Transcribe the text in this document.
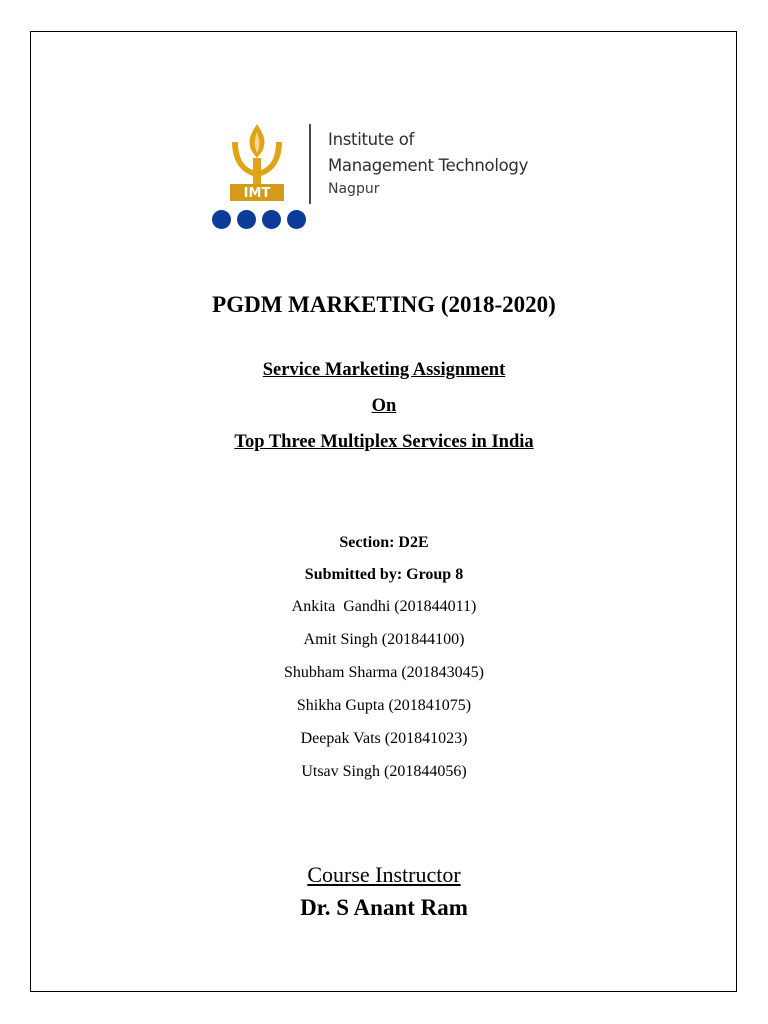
IMT
Institute of
Management Technology
Nagpur
PGDM MARKETING (2018-2020)
Service Marketing Assignment
On
Top Three Multiplex Services in India
Section: D2E
Submitted by: Group 8
Ankita  Gandhi (201844011)
Amit Singh (201844100)
Shubham Sharma (201843045)
Shikha Gupta (201841075)
Deepak Vats (201841023)
Utsav Singh (201844056)
Course Instructor
Dr. S Anant Ram
